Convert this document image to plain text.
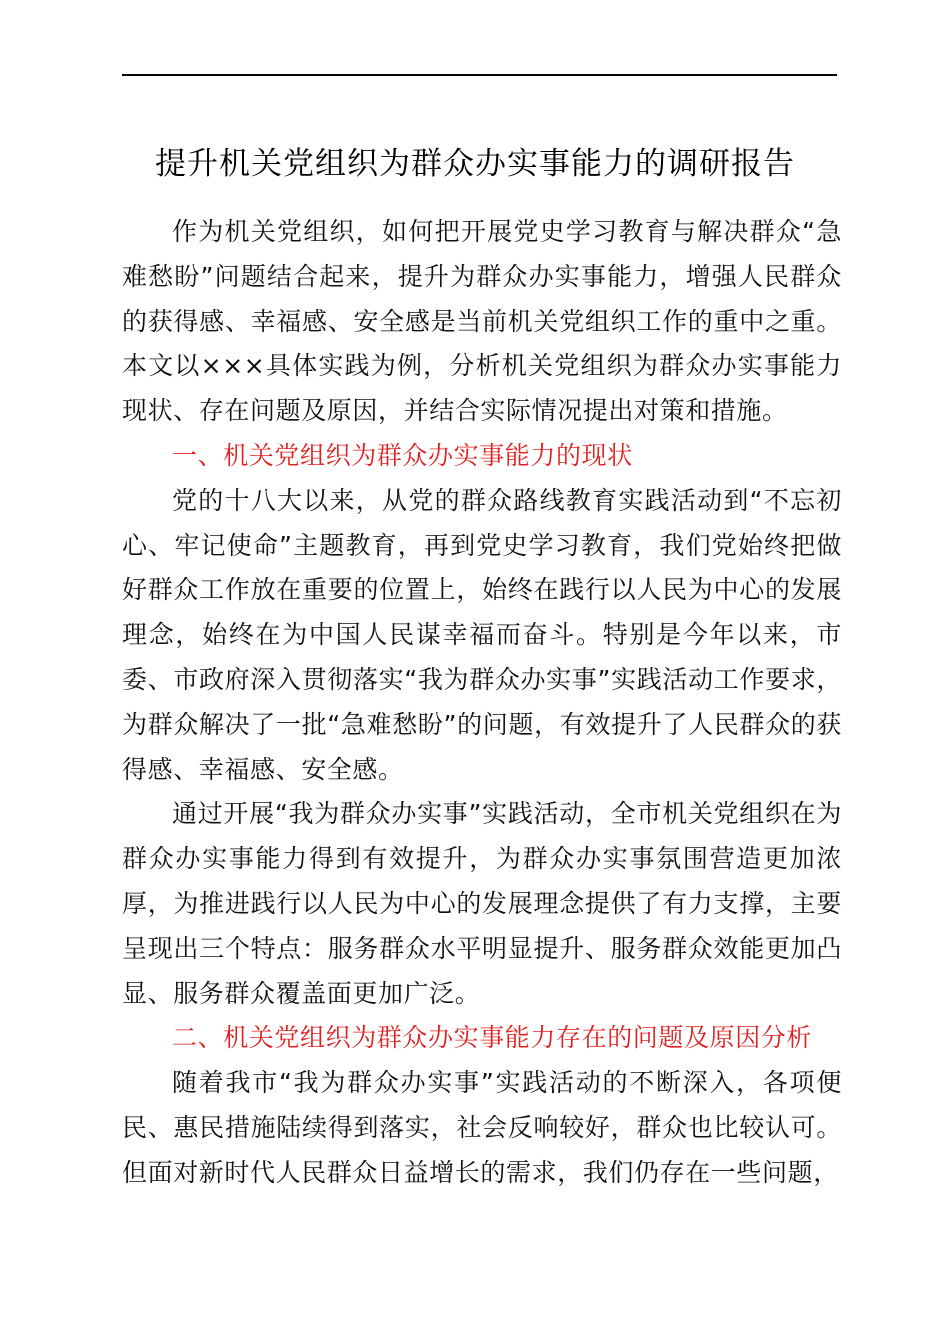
提升机关党组织为群众办实事能力的调研报告

作为机关党组织，如何把开展党史学习教育与解决群众“急难愁盼”问题结合起来，提升为群众办实事能力，增强人民群众的获得感、幸福感、安全感是当前机关党组织工作的重中之重。本文以×××具体实践为例，分析机关党组织为群众办实事能力现状、存在问题及原因，并结合实际情况提出对策和措施。

一、机关党组织为群众办实事能力的现状

党的十八大以来，从党的群众路线教育实践活动到“不忘初心、牢记使命”主题教育，再到党史学习教育，我们党始终把做好群众工作放在重要的位置上，始终在践行以人民为中心的发展理念，始终在为中国人民谋幸福而奋斗。特别是今年以来，市委、市政府深入贯彻落实“我为群众办实事”实践活动工作要求，为群众解决了一批“急难愁盼”的问题，有效提升了人民群众的获得感、幸福感、安全感。

通过开展“我为群众办实事”实践活动，全市机关党组织在为群众办实事能力得到有效提升，为群众办实事氛围营造更加浓厚，为推进践行以人民为中心的发展理念提供了有力支撑，主要呈现出三个特点：服务群众水平明显提升、服务群众效能更加凸显、服务群众覆盖面更加广泛。

二、机关党组织为群众办实事能力存在的问题及原因分析

随着我市“我为群众办实事”实践活动的不断深入，各项便民、惠民措施陆续得到落实，社会反响较好，群众也比较认可。但面对新时代人民群众日益增长的需求，我们仍存在一些问题，
